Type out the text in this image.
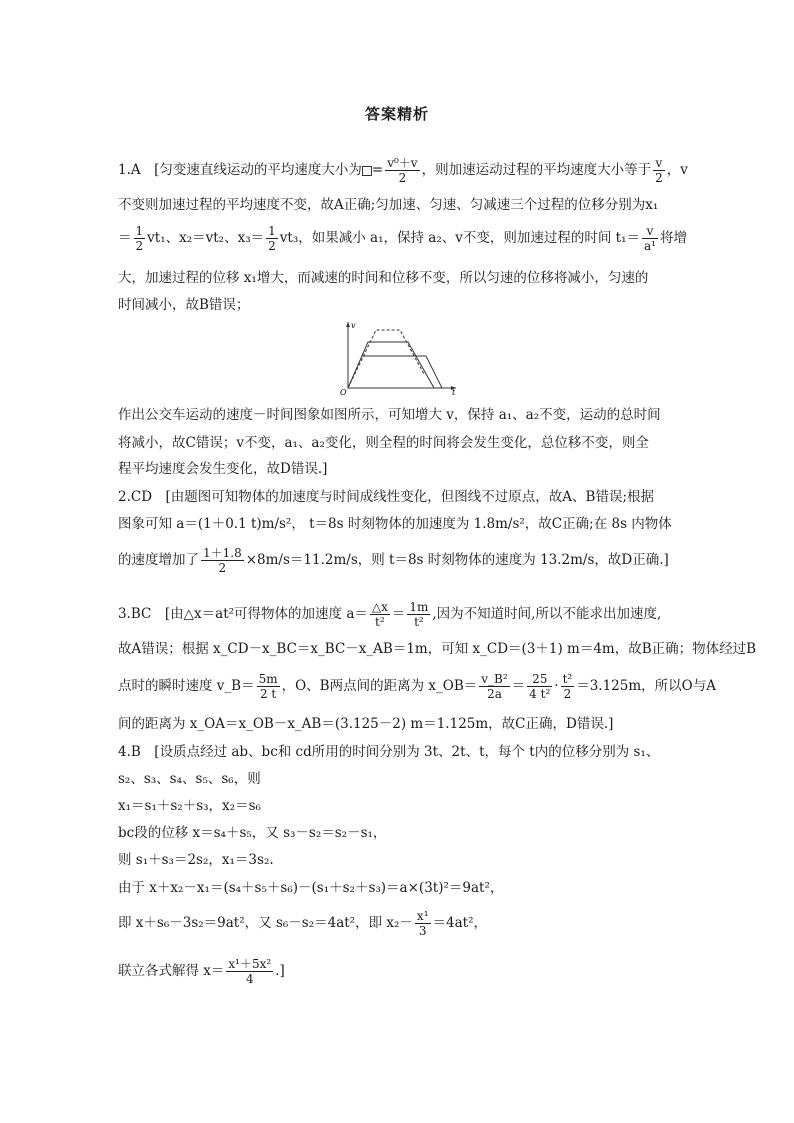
答案精析
1.A　[匀变速直线运动的平均速度大小为 = $\frac{\text{v⁰＋v}}{2}$ ，则加速运动过程的平均速度大小等于 $\frac{v}{2}$ ，v
不变则加速过程的平均速度不变，故A正确;匀加速、匀速、匀减速三个过程的位移分别为x₁
＝ $\frac{1}{2} vt_1$、x₂＝vt₂、$x_3= \frac{1}{2} vt_3$，如果减小 a₁，保持 a₂、v不变，则加速过程的时间 $t_1= \frac{v}{\text{a¹}}$ 将增
大，加速过程的位移 x₁增大，而减速的时间和位移不变，所以匀速的位移将减小，匀速的
时间减小，故B错误；
v
t
O
作出公交车运动的速度－时间图象如图所示，可知增大 v，保持 a₁、a₂不变，运动的总时间
将减小，故C错误；v不变，a₁、a₂变化，则全程的时间将会发生变化，总位移不变，则全
程平均速度会发生变化，故D错误.]
2.CD　[由题图可知物体的加速度与时间成线性变化，但图线不过原点，故A、B错误;根据
图象可知 a＝(1＋0.1 t)m/s²， t＝8s 时刻物体的加速度为 1.8m/s²，故C正确;在 8s 内物体
的速度增加了 $\frac{1+1.8}{2} \times 8m/s=11.2m/s$，则 t＝8s 时刻物体的速度为 13.2m/s，故D正确.]
3.BC　[由△x＝at²可得物体的加速度 $a= \frac{\triangle x}{\text{t²}} = \frac{1m}{\text{t²}}$ ,因为不知道时间,所以不能求出加速度,
故A错误；根据 x_CD－x_BC＝x_BC－x_AB＝1m，可知 x_CD＝(3＋1) m＝4m，故B正确；物体经过B
点时的瞬时速度 v_B＝ $\frac{5m}{2 t}$ ，O、B两点间的距离为 x_OB＝ $\frac{\text{v\_B²}}{2a} = \frac{25}{\text{4 t²}} \cdot \frac{\text{t²}}{2} =3.125m$，所以O与A
间的距离为 x_OA＝x_OB－x_AB＝(3.125－2) m＝1.125m，故C正确，D错误.]
4.B　[设质点经过 ab、bc和 cd所用的时间分别为 3t、2t、t，每个 t内的位移分别为 s₁、
s₂、s₃、s₄、s₅、s₆，则
x₁＝s₁＋s₂＋s₃，x₂＝s₆
bc段的位移 x＝s₄＋s₅，又 s₃－s₂＝s₂－s₁，
则 s₁＋s₃＝2s₂，x₁＝3s₂.
由于 x＋x₂－x₁＝(s₄＋s₅＋s₆)－(s₁＋s₂＋s₃)＝a×(3t)²＝9at²，
即 x＋s₆－3s₂＝9at²，又 s₆－s₂＝4at²，即 $x_2- \frac{\text{x¹}}{3} =4at^2$，
联立各式解得 $x= \frac{\text{x¹＋5x²}}{4}$ .]
